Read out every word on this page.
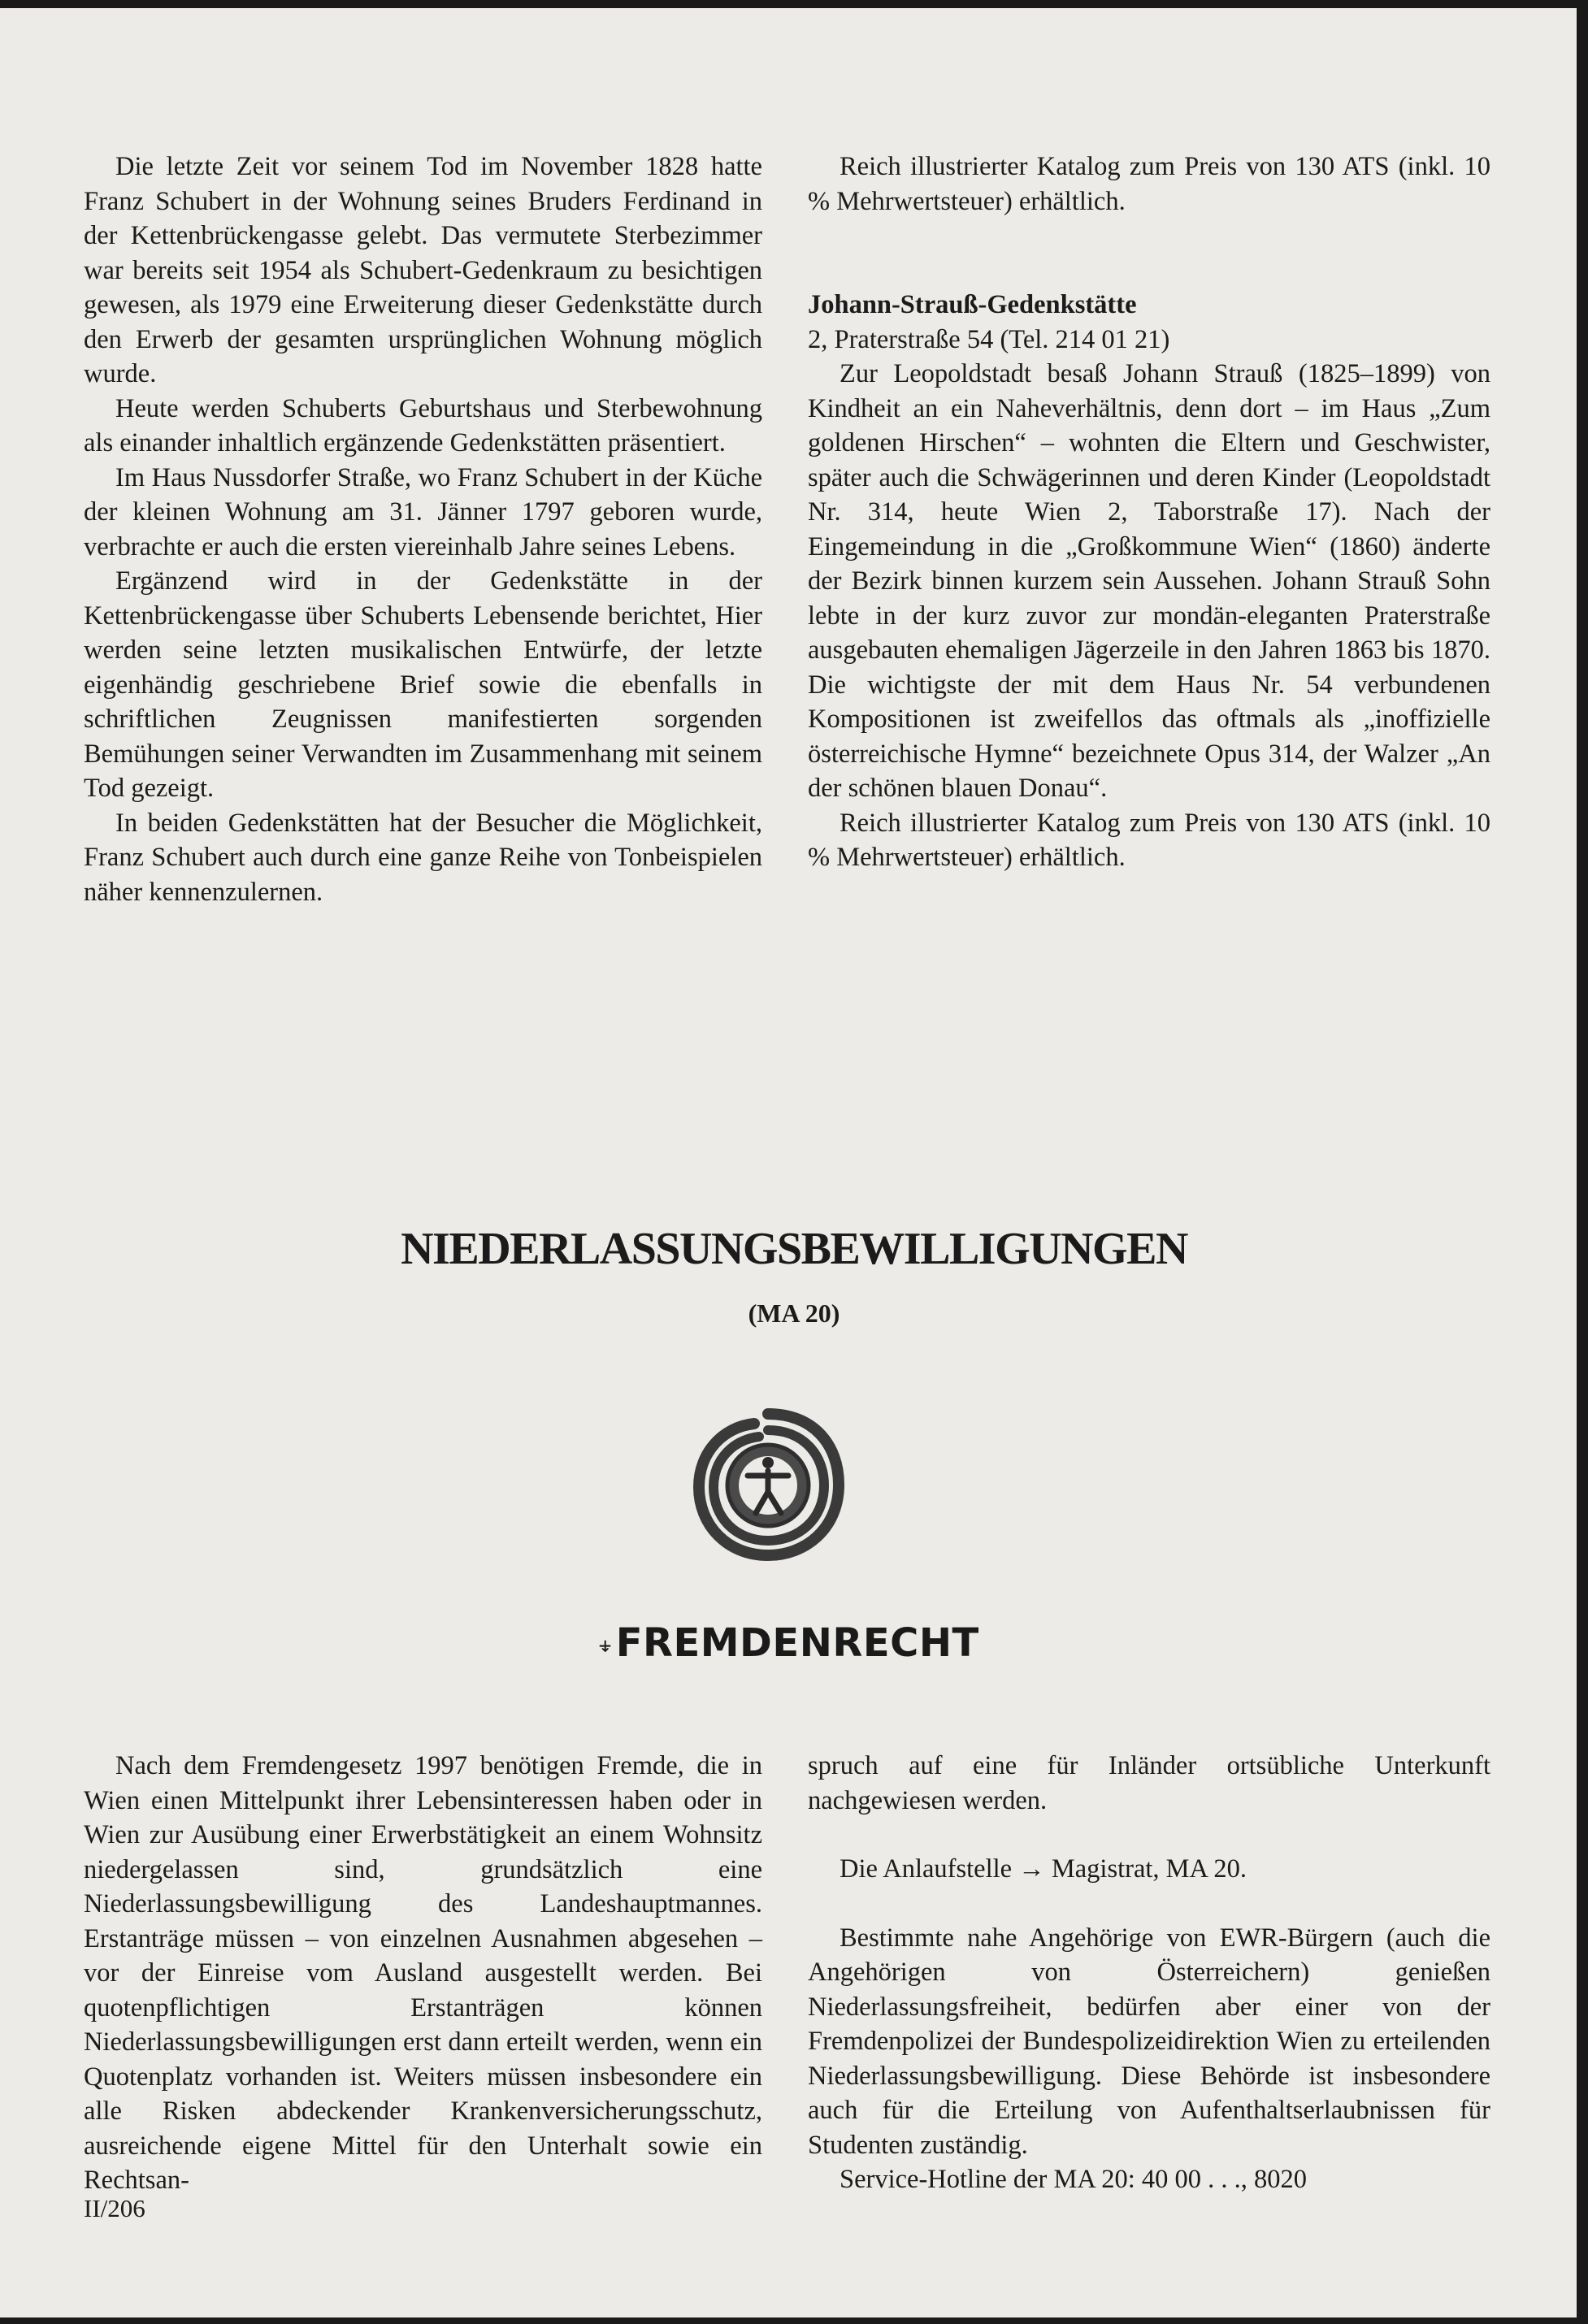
Die letzte Zeit vor seinem Tod im November 1828 hatte Franz Schubert in der Wohnung seines Bruders Ferdinand in der Kettenbrückengasse gelebt. Das vermutete Sterbezimmer war bereits seit 1954 als Schubert-Gedenkraum zu besichtigen gewesen, als 1979 eine Erweiterung dieser Gedenkstätte durch den Erwerb der gesamten ursprünglichen Wohnung möglich wurde.

Heute werden Schuberts Geburtshaus und Sterbewohnung als einander inhaltlich ergänzende Gedenkstätten präsentiert.

Im Haus Nussdorfer Straße, wo Franz Schubert in der Küche der kleinen Wohnung am 31. Jänner 1797 geboren wurde, verbrachte er auch die ersten viereinhalb Jahre seines Lebens.

Ergänzend wird in der Gedenkstätte in der Kettenbrückengasse über Schuberts Lebensende berichtet, Hier werden seine letzten musikalischen Entwürfe, der letzte eigenhändig geschriebene Brief sowie die ebenfalls in schriftlichen Zeugnissen manifestierten sorgenden Bemühungen seiner Verwandten im Zusammenhang mit seinem Tod gezeigt.

In beiden Gedenkstätten hat der Besucher die Möglichkeit, Franz Schubert auch durch eine ganze Reihe von Tonbeispielen näher kennenzulernen.

Reich illustrierter Katalog zum Preis von 130 ATS (inkl. 10 % Mehrwertsteuer) erhältlich.

Johann-Strauß-Gedenkstätte

2, Praterstraße 54 (Tel. 214 01 21)

Zur Leopoldstadt besaß Johann Strauß (1825–1899) von Kindheit an ein Naheverhältnis, denn dort – im Haus „Zum goldenen Hirschen“ – wohnten die Eltern und Geschwister, später auch die Schwägerinnen und deren Kinder (Leopoldstadt Nr. 314, heute Wien 2, Taborstraße 17). Nach der Eingemeindung in die „Großkommune Wien“ (1860) änderte der Bezirk binnen kurzem sein Aussehen. Johann Strauß Sohn lebte in der kurz zuvor zur mondän-eleganten Praterstraße ausgebauten ehemaligen Jägerzeile in den Jahren 1863 bis 1870. Die wichtigste der mit dem Haus Nr. 54 verbundenen Kompositionen ist zweifellos das oftmals als „inoffizielle österreichische Hymne“ bezeichnete Opus 314, der Walzer „An der schönen blauen Donau“.

Reich illustrierter Katalog zum Preis von 130 ATS (inkl. 10 % Mehrwertsteuer) erhältlich.

NIEDERLASSUNGSBEWILLIGUNGEN

(MA 20)

⍖FREMDENRECHT

Nach dem Fremdengesetz 1997 benötigen Fremde, die in Wien einen Mittelpunkt ihrer Lebensinteressen haben oder in Wien zur Ausübung einer Erwerbstätigkeit an einem Wohnsitz niedergelassen sind, grundsätzlich eine Niederlassungsbewilligung des Landeshauptmannes. Erstanträge müssen – von einzelnen Ausnahmen abgesehen – vor der Einreise vom Ausland ausgestellt werden. Bei quotenpflichtigen Erstanträgen können Niederlassungsbewilligungen erst dann erteilt werden, wenn ein Quotenplatz vorhanden ist. Weiters müssen insbesondere ein alle Risken abdeckender Krankenversicherungsschutz, ausreichende eigene Mittel für den Unterhalt sowie ein Rechtsan-

spruch auf eine für Inländer ortsübliche Unterkunft nachgewiesen werden.

Die Anlaufstelle → Magistrat, MA 20.

Bestimmte nahe Angehörige von EWR-Bürgern (auch die Angehörigen von Österreichern) genießen Niederlassungsfreiheit, bedürfen aber einer von der Fremdenpolizei der Bundespolizeidirektion Wien zu erteilenden Niederlassungsbewilligung. Diese Behörde ist insbesondere auch für die Erteilung von Aufenthaltserlaubnissen für Studenten zuständig.

Service-Hotline der MA 20: 40 00 . . ., 8020

II/206
